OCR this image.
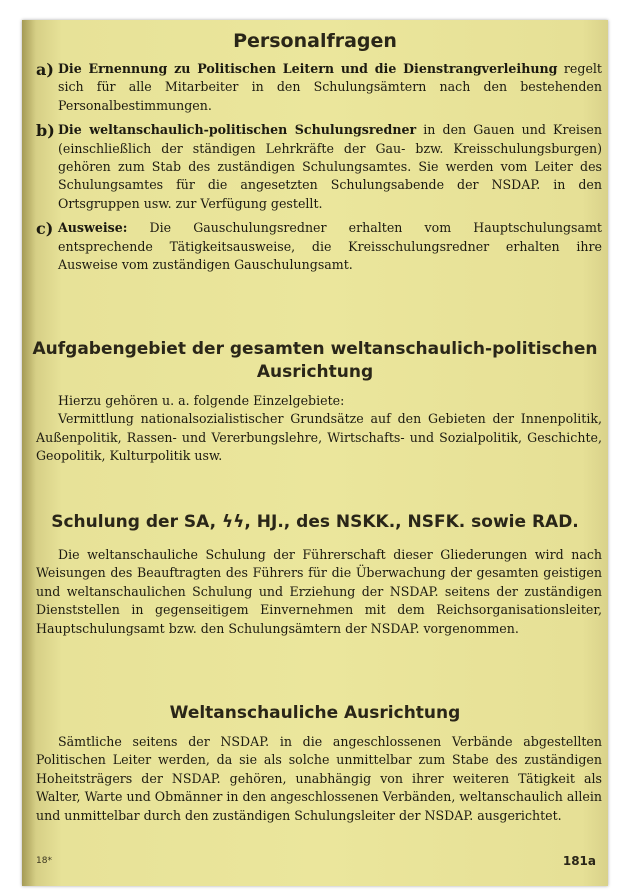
Personalfragen
a) Die Ernennung zu Politischen Leitern und die Dienstrangverleihung regelt sich für alle Mitarbeiter in den Schulungsämtern nach den bestehenden Personalbestimmungen.

b) Die weltanschaulich-politischen Schulungsredner in den Gauen und Kreisen (einschließlich der ständigen Lehrkräfte der Gau- bzw. Kreisschulungsburgen) gehören zum Stab des zuständigen Schulungsamtes. Sie werden vom Leiter des Schulungsamtes für die angesetzten Schulungsabende der NSDAP. in den Ortsgruppen usw. zur Verfügung gestellt.

c) Ausweise: Die Gauschulungsredner erhalten vom Hauptschulungsamt entsprechende Tätigkeitsausweise, die Kreisschulungsredner erhalten ihre Ausweise vom zuständigen Gauschulungsamt.

Aufgabengebiet der gesamten weltanschaulich-politischen
Ausrichtung

Hierzu gehören u. a. folgende Einzelgebiete:

Vermittlung nationalsozialistischer Grundsätze auf den Gebieten der Innenpolitik, Außenpolitik, Rassen- und Vererbungslehre, Wirtschafts- und Sozialpolitik, Geschichte, Geopolitik, Kulturpolitik usw.

Schulung der SA, ϟϟ, HJ., des NSKK., NSFK. sowie RAD.

Die weltanschauliche Schulung der Führerschaft dieser Gliederungen wird nach Weisungen des Beauftragten des Führers für die Überwachung der gesamten geistigen und weltanschaulichen Schulung und Erziehung der NSDAP. seitens der zuständigen Dienststellen in gegenseitigem Einvernehmen mit dem Reichsorganisationsleiter, Hauptschulungsamt bzw. den Schulungsämtern der NSDAP. vorgenommen.

Weltanschauliche Ausrichtung

Sämtliche seitens der NSDAP. in die angeschlossenen Verbände abgestellten Politischen Leiter werden, da sie als solche unmittelbar zum Stabe des zuständigen Hoheitsträgers der NSDAP. gehören, unabhängig von ihrer weiteren Tätigkeit als Walter, Warte und Obmänner in den angeschlossenen Verbänden, weltanschaulich allein und unmittelbar durch den zuständigen Schulungsleiter der NSDAP. ausgerichtet.

18*	181a
